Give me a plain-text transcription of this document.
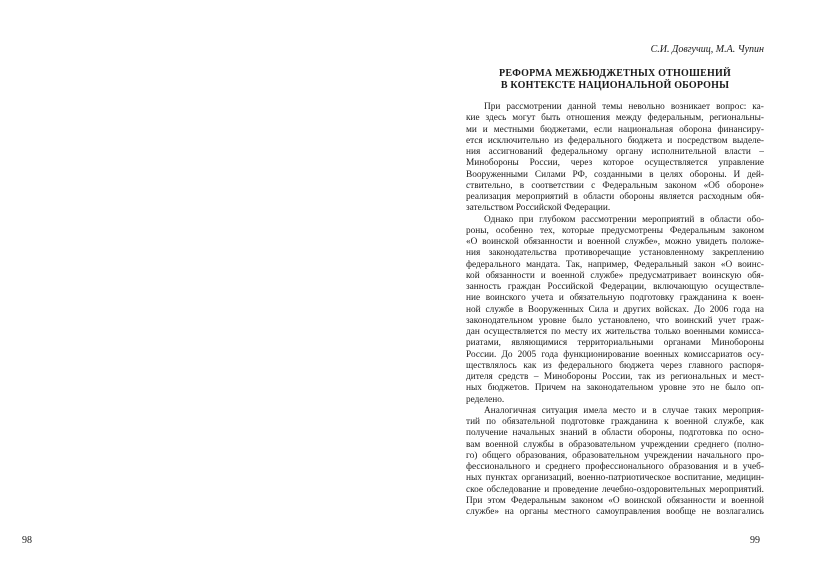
98
С.И. Довгучиц, М.А. Чупин
РЕФОРМА МЕЖБЮДЖЕТНЫХ ОТНОШЕНИЙ
В КОНТЕКСТЕ НАЦИОНАЛЬНОЙ ОБОРОНЫ
При рассмотрении данной темы невольно возникает вопрос: ка-
кие здесь могут быть отношения между федеральным, региональны-
ми и местными бюджетами, если национальная оборона финансиру-
ется исключительно из федерального бюджета и посредством выделе-
ния ассигнований федеральному органу исполнительной власти –
Минобороны России, через которое осуществляется управление
Вооруженными Силами РФ, созданными в целях обороны. И дей-
ствительно, в соответствии с Федеральным законом «Об обороне»
реализация мероприятий в области обороны является расходным обя-
зательством Российской Федерации.
Однако при глубоком рассмотрении мероприятий в области обо-
роны, особенно тех, которые предусмотрены Федеральным законом
«О воинской обязанности и военной службе», можно увидеть положе-
ния законодательства противоречащие установленному закреплению
федерального мандата. Так, например, Федеральный закон «О воинс-
кой обязанности и военной службе» предусматривает воинскую обя-
занность граждан Российской Федерации, включающую осуществле-
ние воинского учета и обязательную подготовку гражданина к воен-
ной службе в Вооруженных Сила и других войсках. До 2006 года на
законодательном уровне было установлено, что воинский учет граж-
дан осуществляется по месту их жительства только военными комисса-
риатами, являющимися территориальными органами Минобороны
России. До 2005 года функционирование военных комиссариатов осу-
ществлялось как из федерального бюджета через главного распоря-
дителя средств – Минобороны России, так из региональных и мест-
ных бюджетов. Причем на законодательном уровне это не было оп-
ределено.
Аналогичная ситуация имела место и в случае таких мероприя-
тий по обязательной подготовке гражданина к военной службе, как
получение начальных знаний в области обороны, подготовка по осно-
вам военной службы в образовательном учреждении среднего (полно-
го) общего образования, образовательном учреждении начального про-
фессионального и среднего профессионального образования и в учеб-
ных пунктах организаций, военно-патриотическое воспитание, медицин-
ское обследование и проведение лечебно-оздоровительных мероприятий.
При этом Федеральным законом «О воинской обязанности и военной
службе» на органы местного самоуправления вообще не возлагались
99
